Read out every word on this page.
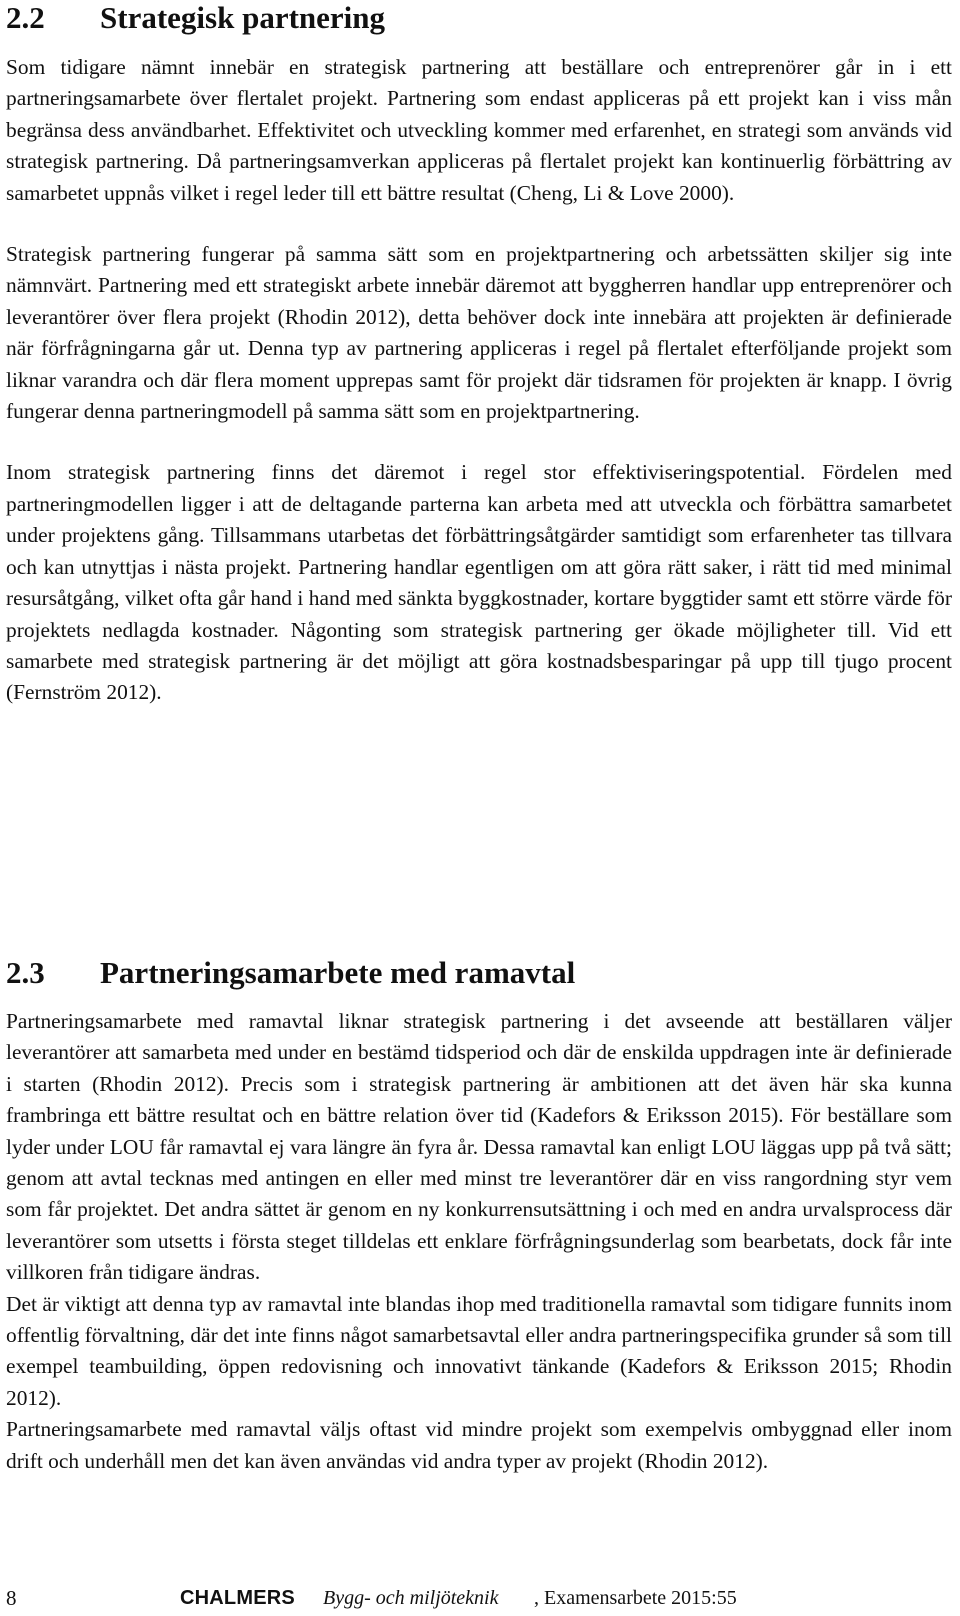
2.2	Strategisk partnering

Som tidigare nämnt innebär en strategisk partnering att beställare och entreprenörer går in i ett partneringsamarbete över flertalet projekt. Partnering som endast appliceras på ett projekt kan i viss mån begränsa dess användbarhet. Effektivitet och utveckling kommer med erfarenhet, en strategi som används vid strategisk partnering. Då partneringsamverkan appliceras på flertalet projekt kan kontinuerlig förbättring av samarbetet uppnås vilket i regel leder till ett bättre resultat (Cheng, Li & Love 2000).

Strategisk partnering fungerar på samma sätt som en projektpartnering och arbetssätten skiljer sig inte nämnvärt. Partnering med ett strategiskt arbete innebär däremot att byggherren handlar upp entreprenörer och leverantörer över flera projekt (Rhodin 2012), detta behöver dock inte innebära att projekten är definierade när förfrågningarna går ut. Denna typ av partnering appliceras i regel på flertalet efterföljande projekt som liknar varandra och där flera moment upprepas samt för projekt där tidsramen för projekten är knapp. I övrig fungerar denna partneringmodell på samma sätt som en projektpartnering.

Inom strategisk partnering finns det däremot i regel stor effektiviseringspotential. Fördelen med partneringmodellen ligger i att de deltagande parterna kan arbeta med att utveckla och förbättra samarbetet under projektens gång. Tillsammans utarbetas det förbättringsåtgärder samtidigt som erfarenheter tas tillvara och kan utnyttjas i nästa projekt. Partnering handlar egentligen om att göra rätt saker, i rätt tid med minimal resursåtgång, vilket ofta går hand i hand med sänkta byggkostnader, kortare byggtider samt ett större värde för projektets nedlagda kostnader. Någonting som strategisk partnering ger ökade möjligheter till. Vid ett samarbete med strategisk partnering är det möjligt att göra kostnadsbesparingar på upp till tjugo procent (Fernström 2012).

2.3	Partneringsamarbete med ramavtal

Partneringsamarbete med ramavtal liknar strategisk partnering i det avseende att beställaren väljer leverantörer att samarbeta med under en bestämd tidsperiod och där de enskilda uppdragen inte är definierade i starten (Rhodin 2012). Precis som i strategisk partnering är ambitionen att det även här ska kunna frambringa ett bättre resultat och en bättre relation över tid (Kadefors & Eriksson 2015). För beställare som lyder under LOU får ramavtal ej vara längre än fyra år. Dessa ramavtal kan enligt LOU läggas upp på två sätt; genom att avtal tecknas med antingen en eller med minst tre leverantörer där en viss rangordning styr vem som får projektet. Det andra sättet är genom en ny konkurrensutsättning i och med en andra urvalsprocess där leverantörer som utsetts i första steget tilldelas ett enklare förfrågningsunderlag som bearbetats, dock får inte villkoren från tidigare ändras.

Det är viktigt att denna typ av ramavtal inte blandas ihop med traditionella ramavtal som tidigare funnits inom offentlig förvaltning, där det inte finns något samarbetsavtal eller andra partneringspecifika grunder så som till exempel teambuilding, öppen redovisning och innovativt tänkande (Kadefors & Eriksson 2015; Rhodin 2012).

Partneringsamarbete med ramavtal väljs oftast vid mindre projekt som exempelvis ombyggnad eller inom drift och underhåll men det kan även användas vid andra typer av projekt (Rhodin 2012).

8	CHALMERS Bygg- och miljöteknik , Examensarbete 2015:55
